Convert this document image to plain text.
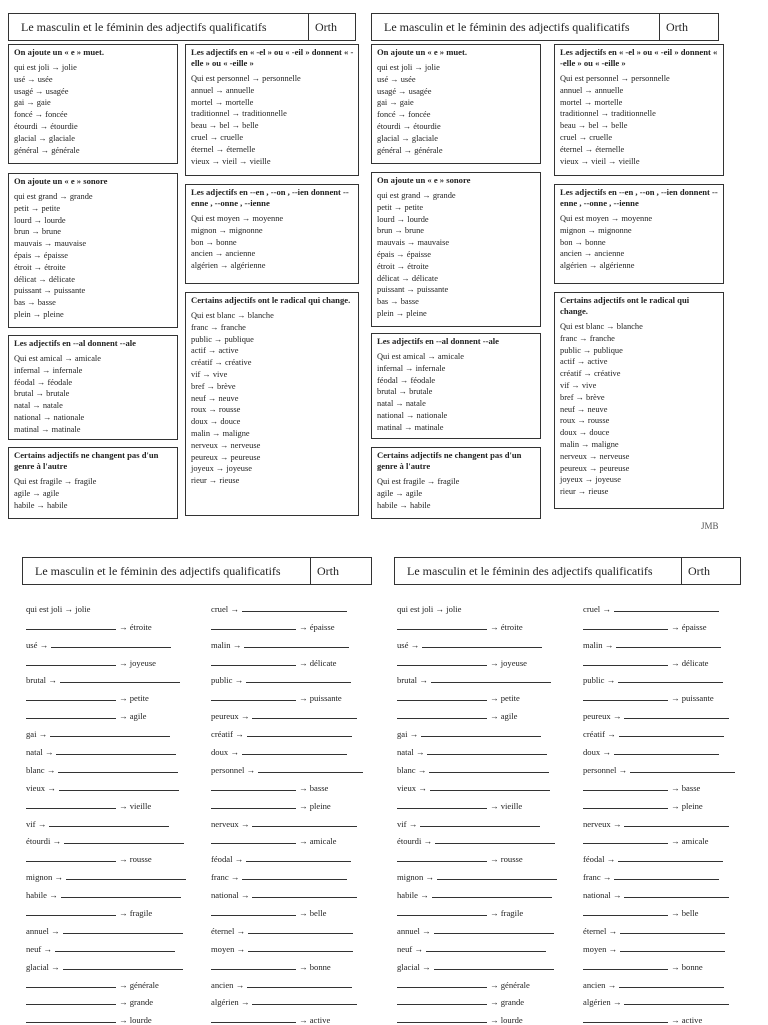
Le masculin et le féminin des adjectifs qualificatifs	Orth	Le masculin et le féminin des adjectifs qualificatifs	Orth
On ajoute un « e » muet.
qui est joli → jolie
usé → usée
usagé → usagée
gai → gaie
foncé → foncée
étourdi → étourdie
glacial → glaciale
général → générale
On ajoute un « e » sonore
qui est grand → grande
petit → petite
lourd → lourde
brun → brune
mauvais → mauvaise
épais → épaisse
étroit → étroite
délicat → délicate
puissant → puissante
bas → basse
plein → pleine
Les adjectifs en --al donnent --ale
Qui est amical → amicale
infernal → infernale
féodal → féodale
brutal → brutale
natal → natale
national → nationale
matinal → matinale
Certains adjectifs ne changent pas d'un genre à l'autre
Qui est fragile → fragile
agile → agile
habile → habile
Les adjectifs en « -el » ou « -eil » donnent « -elle » ou « -eille »
Qui est personnel → personnelle
annuel → annuelle
mortel → mortelle
traditionnel → traditionnelle
beau → bel → belle
cruel → cruelle
éternel → éternelle
vieux → vieil → vieille
Les adjectifs en --en , --on , --ien donnent --enne , --onne , --ienne
Qui est moyen → moyenne
mignon → mignonne
bon → bonne
ancien → ancienne
algérien → algérienne
Certains adjectifs ont le radical qui change.
Qui est blanc → blanche
franc → franche
public → publique
actif → active
créatif → créative
vif → vive
bref → brève
neuf → neuve
roux → rousse
doux → douce
malin → maligne
nerveux → nerveuse
peureux → peureuse
joyeux → joyeuse
rieur → rieuse
On ajoute un « e » muet.
qui est joli → jolie
usé → usée
usagé → usagée
gai → gaie
foncé → foncée
étourdi → étourdie
glacial → glaciale
général → générale
On ajoute un « e » sonore
qui est grand → grande
petit → petite
lourd → lourde
brun → brune
mauvais → mauvaise
épais → épaisse
étroit → étroite
délicat → délicate
puissant → puissante
bas → basse
plein → pleine
Les adjectifs en --al donnent --ale
Qui est amical → amicale
infernal → infernale
féodal → féodale
brutal → brutale
natal → natale
national → nationale
matinal → matinale
Certains adjectifs ne changent pas d'un genre à l'autre
Qui est fragile → fragile
agile → agile
habile → habile
Les adjectifs en « -el » ou « -eil » donnent « -elle » ou « -eille »
Qui est personnel → personnelle
annuel → annuelle
mortel → mortelle
traditionnel → traditionnelle
beau → bel → belle
cruel → cruelle
éternel → éternelle
vieux → vieil → vieille
Les adjectifs en --en , --on , --ien donnent --enne , --onne , --ienne
Qui est moyen → moyenne
mignon → mignonne
bon → bonne
ancien → ancienne
algérien → algérienne
Certains adjectifs ont le radical qui change.
Qui est blanc → blanche
franc → franche
public → publique
actif → active
créatif → créative
vif → vive
bref → brève
neuf → neuve
roux → rousse
doux → douce
malin → maligne
nerveux → nerveuse
peureux → peureuse
joyeux → joyeuse
rieur → rieuse
JMB
Le masculin et le féminin des adjectifs qualificatifs	Orth	Le masculin et le féminin des adjectifs qualificatifs	Orth
qui est joli → jolie
→ étroite
usé →
→ joyeuse
brutal →
→ petite
→ agile
gai →
natal →
blanc →
vieux →
→ vieille
vif →
étourdi →
→ rousse
mignon →
habile →
→ fragile
annuel →
neuf →
glacial →
→ générale
→ grande
→ lourde
cruel →
→ épaisse
malin →
→ délicate
public →
→ puissante
peureux →
créatif →
doux →
personnel →
→ basse
→ pleine
nerveux →
→ amicale
féodal →
franc →
national →
→ belle
éternel →
moyen →
→ bonne
ancien →
algérien →
→ active
qui est joli → jolie
→ étroite
usé →
→ joyeuse
brutal →
→ petite
→ agile
gai →
natal →
blanc →
vieux →
→ vieille
vif →
étourdi →
→ rousse
mignon →
habile →
→ fragile
annuel →
neuf →
glacial →
→ générale
→ grande
→ lourde
cruel →
→ épaisse
malin →
→ délicate
public →
→ puissante
peureux →
créatif →
doux →
personnel →
→ basse
→ pleine
nerveux →
→ amicale
féodal →
franc →
national →
→ belle
éternel →
moyen →
→ bonne
ancien →
algérien →
→ active
